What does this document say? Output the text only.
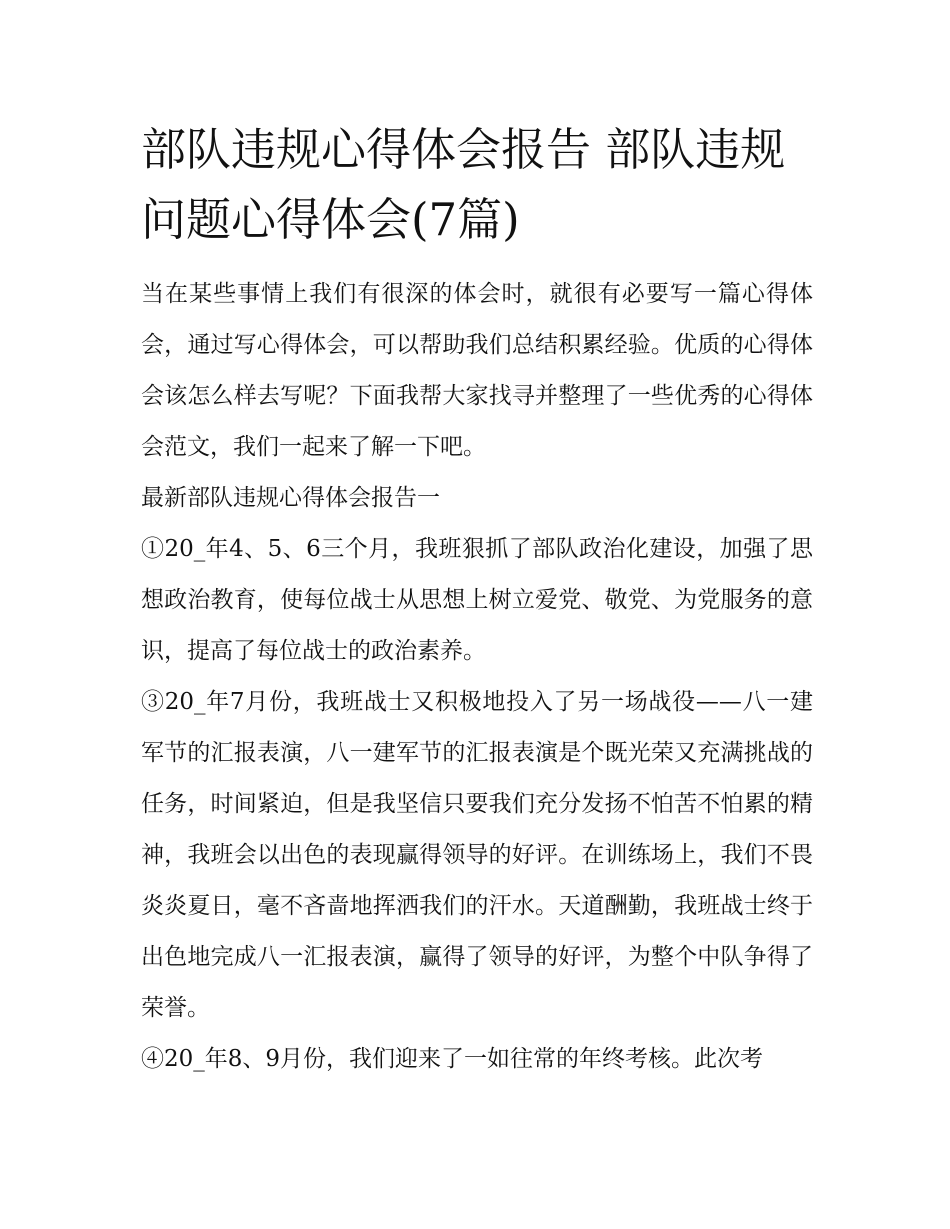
部队违规心得体会报告 部队违规问题心得体会(7篇)

当在某些事情上我们有很深的体会时，就很有必要写一篇心得体会，通过写心得体会，可以帮助我们总结积累经验。优质的心得体会该怎么样去写呢？下面我帮大家找寻并整理了一些优秀的心得体会范文，我们一起来了解一下吧。

最新部队违规心得体会报告一

①20_年4、5、6三个月，我班狠抓了部队政治化建设，加强了思想政治教育，使每位战士从思想上树立爱党、敬党、为党服务的意识，提高了每位战士的政治素养。

③20_年7月份，我班战士又积极地投入了另一场战役——八一建军节的汇报表演，八一建军节的汇报表演是个既光荣又充满挑战的任务，时间紧迫，但是我坚信只要我们充分发扬不怕苦不怕累的精神，我班会以出色的表现赢得领导的好评。在训练场上，我们不畏炎炎夏日，毫不吝啬地挥洒我们的汗水。天道酬勤，我班战士终于出色地完成八一汇报表演，赢得了领导的好评，为整个中队争得了荣誉。

④20_年8、9月份，我们迎来了一如往常的年终考核。此次考
